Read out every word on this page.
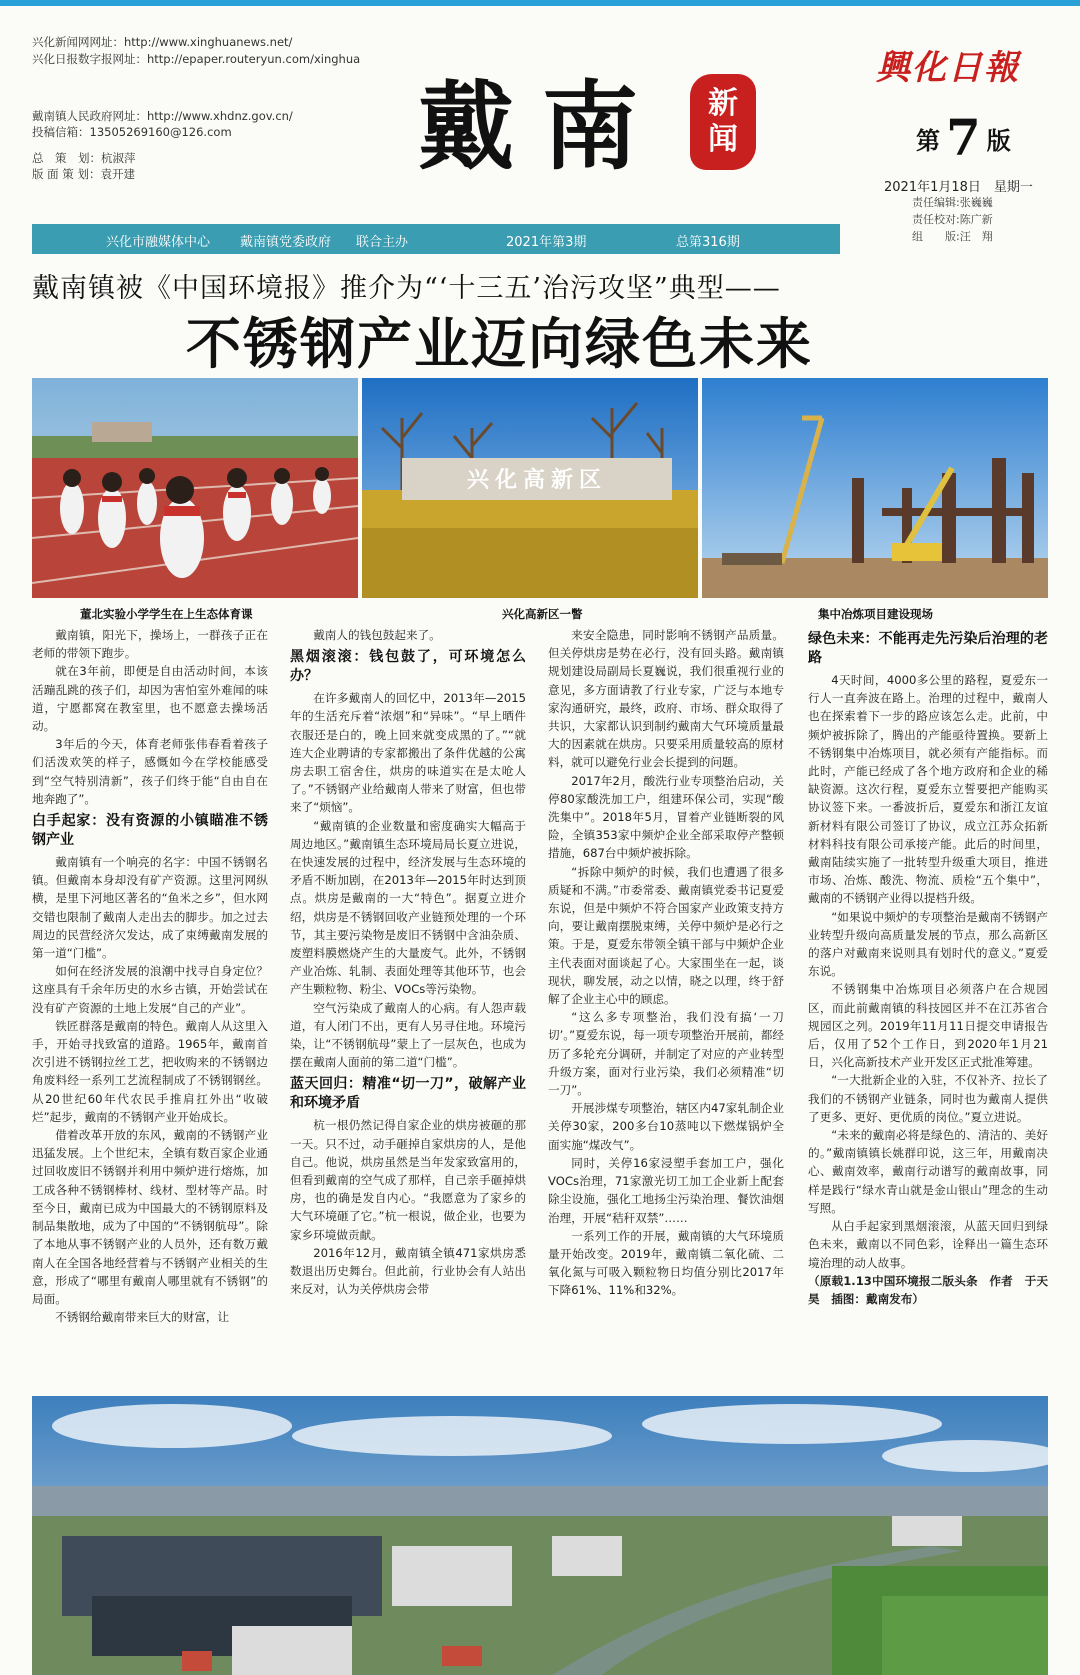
兴化新闻网网址：http://www.xinghuanews.net/
兴化日报数字报网址：http://epaper.routeryun.com/xinghua
戴南镇人民政府网址：http://www.xhdnz.gov.cn/
投稿信箱：13505269160@126.com
总　策　划：杭淑萍
版 面 策 划：袁开建	戴南 新
闻
興化日報
第 7 版
2021年1月18日　星期一
责任编辑:张巍巍
责任校对:陈广新
组　　版:汪　翔
兴化市融媒体中心 戴南镇党委政府 联合主办	2021年第3期	总第316期
戴南镇被《中国环境报》推介为“‘十三五’治污攻坚”典型——
不锈钢产业迈向绿色未来
兴化高新区
董北实验小学学生在上生态体育课	兴化高新区一瞥	集中冶炼项目建设现场

戴南镇，阳光下，操场上，一群孩子正在老师的带领下跑步。

就在3年前，即便是自由活动时间，本该活蹦乱跳的孩子们，却因为害怕室外难闻的味道，宁愿都窝在教室里，也不愿意去操场活动。

3年后的今天，体育老师张伟春看着孩子们活泼欢笑的样子，感慨如今在学校能感受到“空气特别清新”，孩子们终于能“自由自在地奔跑了”。

白手起家：没有资源的小镇瞄准不锈钢产业

戴南镇有一个响亮的名字：中国不锈钢名镇。但戴南本身却没有矿产资源。这里河网纵横，是里下河地区著名的“鱼米之乡”，但水网交错也限制了戴南人走出去的脚步。加之过去周边的民营经济欠发达，成了束缚戴南发展的第一道“门槛”。

如何在经济发展的浪潮中找寻自身定位？这座具有千余年历史的水乡古镇，开始尝试在没有矿产资源的土地上发展“自己的产业”。

铁匠群落是戴南的特色。戴南人从这里入手，开始寻找致富的道路。1965年，戴南首次引进不锈钢拉丝工艺，把收购来的不锈钢边角废料经一系列工艺流程制成了不锈钢钢丝。从20世纪60年代农民手推肩扛外出“收破烂”起步，戴南的不锈钢产业开始成长。

借着改革开放的东风，戴南的不锈钢产业迅猛发展。上个世纪末，全镇有数百家企业通过回收废旧不锈钢并利用中频炉进行熔炼，加工成各种不锈钢棒材、线材、型材等产品。时至今日，戴南已成为中国最大的不锈钢原料及制品集散地，成为了中国的“不锈钢航母”。除了本地从事不锈钢产业的人员外，还有数万戴南人在全国各地经营着与不锈钢产业相关的生意，形成了“哪里有戴南人哪里就有不锈钢”的局面。

不锈钢给戴南带来巨大的财富，让

戴南人的钱包鼓起来了。

黑烟滚滚：钱包鼓了，可环境怎么办？

在许多戴南人的回忆中，2013年—2015年的生活充斥着“浓烟”和“异味”。“早上晒件衣服还是白的，晚上回来就变成黑的了。”“就连大企业聘请的专家都搬出了条件优越的公寓房去职工宿舍住，烘房的味道实在是太呛人了。”不锈钢产业给戴南人带来了财富，但也带来了“烦恼”。

“戴南镇的企业数量和密度确实大幅高于周边地区。”戴南镇生态环境局局长夏立进说，在快速发展的过程中，经济发展与生态环境的矛盾不断加剧，在2013年—2015年时达到顶点。烘房是戴南的一大“特色”。据夏立进介绍，烘房是不锈钢回收产业链预处理的一个环节，其主要污染物是废旧不锈钢中含油杂质、废塑料膜燃烧产生的大量废气。此外，不锈钢产业冶炼、轧制、表面处理等其他环节，也会产生颗粒物、粉尘、VOCs等污染物。

空气污染成了戴南人的心病。有人怨声载道，有人闭门不出，更有人另寻住地。环境污染，让“不锈钢航母”蒙上了一层灰色，也成为摆在戴南人面前的第二道“门槛”。

蓝天回归：精准“切一刀”，破解产业和环境矛盾

杭一根仍然记得自家企业的烘房被砸的那一天。只不过，动手砸掉自家烘房的人，是他自己。他说，烘房虽然是当年发家致富用的，但看到戴南的空气成了那样，自己亲手砸掉烘房，也的确是发自内心。“我愿意为了家乡的大气环境砸了它。”杭一根说，做企业，也要为家乡环境做贡献。

2016年12月，戴南镇全镇471家烘房悉数退出历史舞台。但此前，行业协会有人站出来反对，认为关停烘房会带

来安全隐患，同时影响不锈钢产品质量。但关停烘房是势在必行，没有回头路。戴南镇规划建设局副局长夏巍说，我们很重视行业的意见，多方面请教了行业专家，广泛与本地专家沟通研究，最终，政府、市场、群众取得了共识，大家都认识到制约戴南大气环境质量最大的因素就在烘房。只要采用质量较高的原材料，就可以避免行业会长提到的问题。

2017年2月，酸洗行业专项整治启动，关停80家酸洗加工户，组建环保公司，实现“酸洗集中”。2018年5月，冒着产业链断裂的风险，全镇353家中频炉企业全部采取停产整顿措施，687台中频炉被拆除。

“拆除中频炉的时候，我们也遭遇了很多质疑和不满。”市委常委、戴南镇党委书记夏爱东说，但是中频炉不符合国家产业政策支持方向，要让戴南摆脱束缚，关停中频炉是必行之策。于是，夏爱东带领全镇干部与中频炉企业主代表面对面谈起了心。大家围坐在一起，谈现状，聊发展，动之以情，晓之以理，终于舒解了企业主心中的顾虑。

“这么多专项整治，我们没有搞‘一刀切’。”夏爱东说，每一项专项整治开展前，都经历了多轮充分调研，并制定了对应的产业转型升级方案，面对行业污染，我们必须精准“切一刀”。

开展涉煤专项整治，辖区内47家轧制企业关停30家，200多台10蒸吨以下燃煤锅炉全面实施“煤改气”。

同时，关停16家浸塑手套加工户，强化VOCs治理，71家激光切工加工企业新上配套除尘设施，强化工地扬尘污染治理、餐饮油烟治理，开展“秸秆双禁”……

一系列工作的开展，戴南镇的大气环境质量开始改变。2019年，戴南镇二氧化硫、二氧化氮与可吸入颗粒物日均值分别比2017年下降61%、11%和32%。

绿色未来：不能再走先污染后治理的老路

4天时间，4000多公里的路程，夏爱东一行人一直奔波在路上。治理的过程中，戴南人也在探索着下一步的路应该怎么走。此前，中频炉被拆除了，腾出的产能亟待置换。要新上不锈钢集中冶炼项目，就必须有产能指标。而此时，产能已经成了各个地方政府和企业的稀缺资源。这次行程，夏爱东立誓要把产能购买协议签下来。一番波折后，夏爱东和浙江友谊新材料有限公司签订了协议，成立江苏众拓新材料科技有限公司承接产能。此后的时间里，戴南陆续实施了一批转型升级重大项目，推进市场、冶炼、酸洗、物流、质检“五个集中”，戴南的不锈钢产业得以提档升级。

“如果说中频炉的专项整治是戴南不锈钢产业转型升级向高质量发展的节点，那么高新区的落户对戴南来说则具有划时代的意义。”夏爱东说。

不锈钢集中冶炼项目必须落户在合规园区，而此前戴南镇的科技园区并不在江苏省合规园区之列。2019年11月11日提交申请报告后，仅用了52个工作日，到2020年1月21日，兴化高新技术产业开发区正式批准筹建。

“一大批新企业的入驻，不仅补齐、拉长了我们的不锈钢产业链条，同时也为戴南人提供了更多、更好、更优质的岗位。”夏立进说。

“未来的戴南必将是绿色的、清洁的、美好的。”戴南镇镇长姚群印说，这三年，用戴南决心、戴南效率，戴南行动谱写的戴南故事，同样是践行“绿水青山就是金山银山”理念的生动写照。

从白手起家到黑烟滚滚，从蓝天回归到绿色未来，戴南以不同色彩，诠释出一篇生态环境治理的动人故事。

（原载1.13中国环境报二版头条　作者　于天昊　插图：戴南发布）
